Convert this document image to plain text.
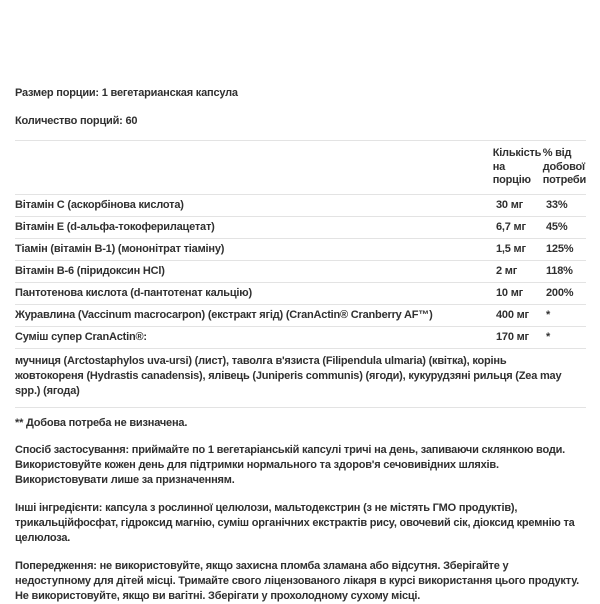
Размер порции: 1 вегетарианская капсула

Количество порций: 60

Кількість на порцію
% від добової потреби
Вітамін C (аскорбінова кислота)	30 мг	33%
Вітамін E (d-альфа-токоферилацетат)	6,7 мг	45%
Тіамін (вітамін B-1) (мононітрат тіаміну)	1,5 мг	125%
Вітамін B-6 (піридоксин HCl)	2 мг	118%
Пантотенова кислота (d-пантотенат кальцію)	10 мг	200%
Журавлина (Vaccinum macrocarpon) (екстракт ягід) (CranActin® Cranberry AF™)	400 мг	*
Суміш супер CranActin®:	170 мг	*

мучниця (Arctostaphylos uva-ursi) (лист), таволга в'язиста (Filipendula ulmaria) (квітка), корінь жовтокореня (Hydrastis canadensis), ялівець (Juniperis communis) (ягоди), кукурудзяні рильця (Zea may spp.) (ягода)

** Добова потреба не визначена.

Спосіб застосування: приймайте по 1 вегетаріанській капсулі тричі на день, запиваючи склянкою води. Використовуйте кожен день для підтримки нормального та здоров'я сечовивідних шляхів. Використовувати лише за призначенням.

Інші інгредієнти: капсула з рослинної целюлози, мальтодекстрин (з не містять ГМО продуктів), трикальційфосфат, гідроксид магнію, суміш органічних екстрактів рису, овочевий сік, діоксид кремнію та целюлоза.

Попередження: не використовуйте, якщо захисна пломба зламана або відсутня. Зберігайте у недоступному для дітей місці. Тримайте свого ліцензованого лікаря в курсі використання цього продукту. Не використовуйте, якщо ви вагітні. Зберігати у прохолодному сухому місці.
